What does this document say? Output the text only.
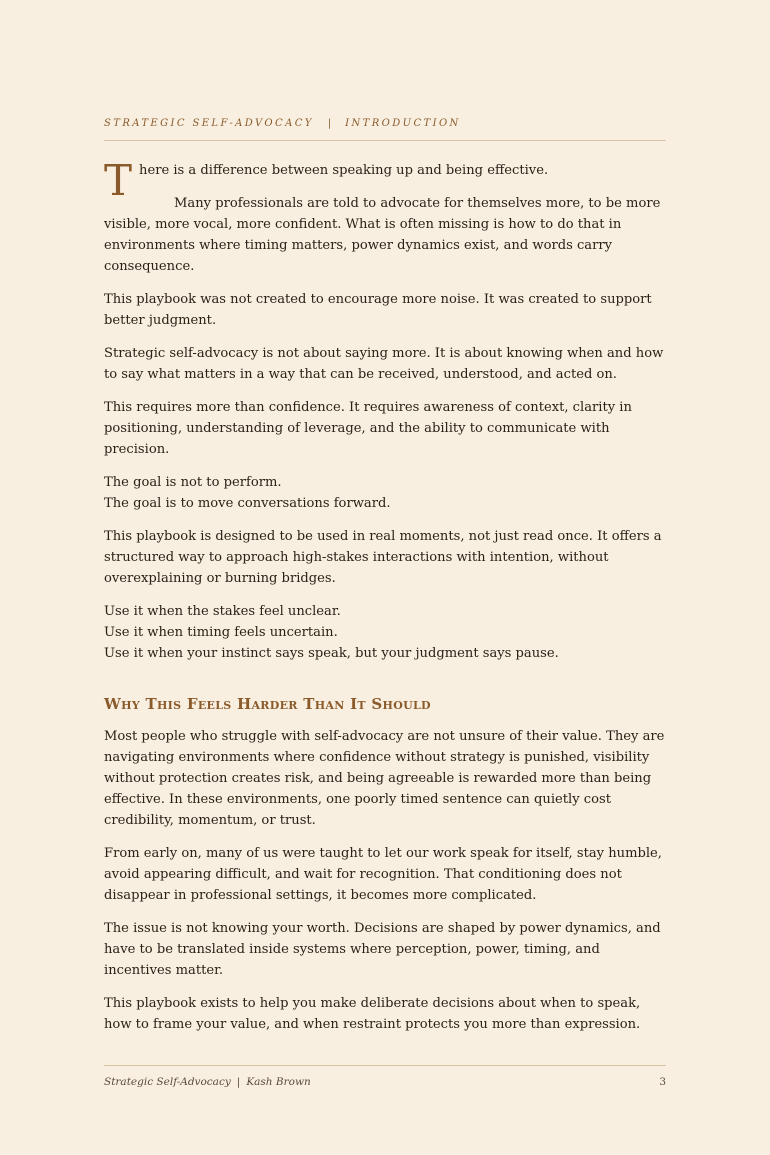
STRATEGIC SELF-ADVOCACY | INTRODUCTION

There is a difference between speaking up and being effective.

Many professionals are told to advocate for themselves more, to be more visible, more vocal, more confident. What is often missing is how to do that in environments where timing matters, power dynamics exist, and words carry consequence.

This playbook was not created to encourage more noise. It was created to support better judgment.

Strategic self-advocacy is not about saying more. It is about knowing when and how to say what matters in a way that can be received, understood, and acted on.

This requires more than confidence. It requires awareness of context, clarity in positioning, understanding of leverage, and the ability to communicate with precision.

The goal is not to perform.
The goal is to move conversations forward.

This playbook is designed to be used in real moments, not just read once. It offers a structured way to approach high-stakes interactions with intention, without overexplaining or burning bridges.

Use it when the stakes feel unclear.
Use it when timing feels uncertain.
Use it when your instinct says speak, but your judgment says pause.

Why This Feels Harder Than It Should

Most people who struggle with self-advocacy are not unsure of their value. They are navigating environments where confidence without strategy is punished, visibility without protection creates risk, and being agreeable is rewarded more than being effective. In these environments, one poorly timed sentence can quietly cost credibility, momentum, or trust.

From early on, many of us were taught to let our work speak for itself, stay humble, avoid appearing difficult, and wait for recognition. That conditioning does not disappear in professional settings, it becomes more complicated.

The issue is not knowing your worth. Decisions are shaped by power dynamics, and have to be translated inside systems where perception, power, timing, and incentives matter.

This playbook exists to help you make deliberate decisions about when to speak, how to frame your value, and when restraint protects you more than expression.

Strategic Self-Advocacy | Kash Brown	3
